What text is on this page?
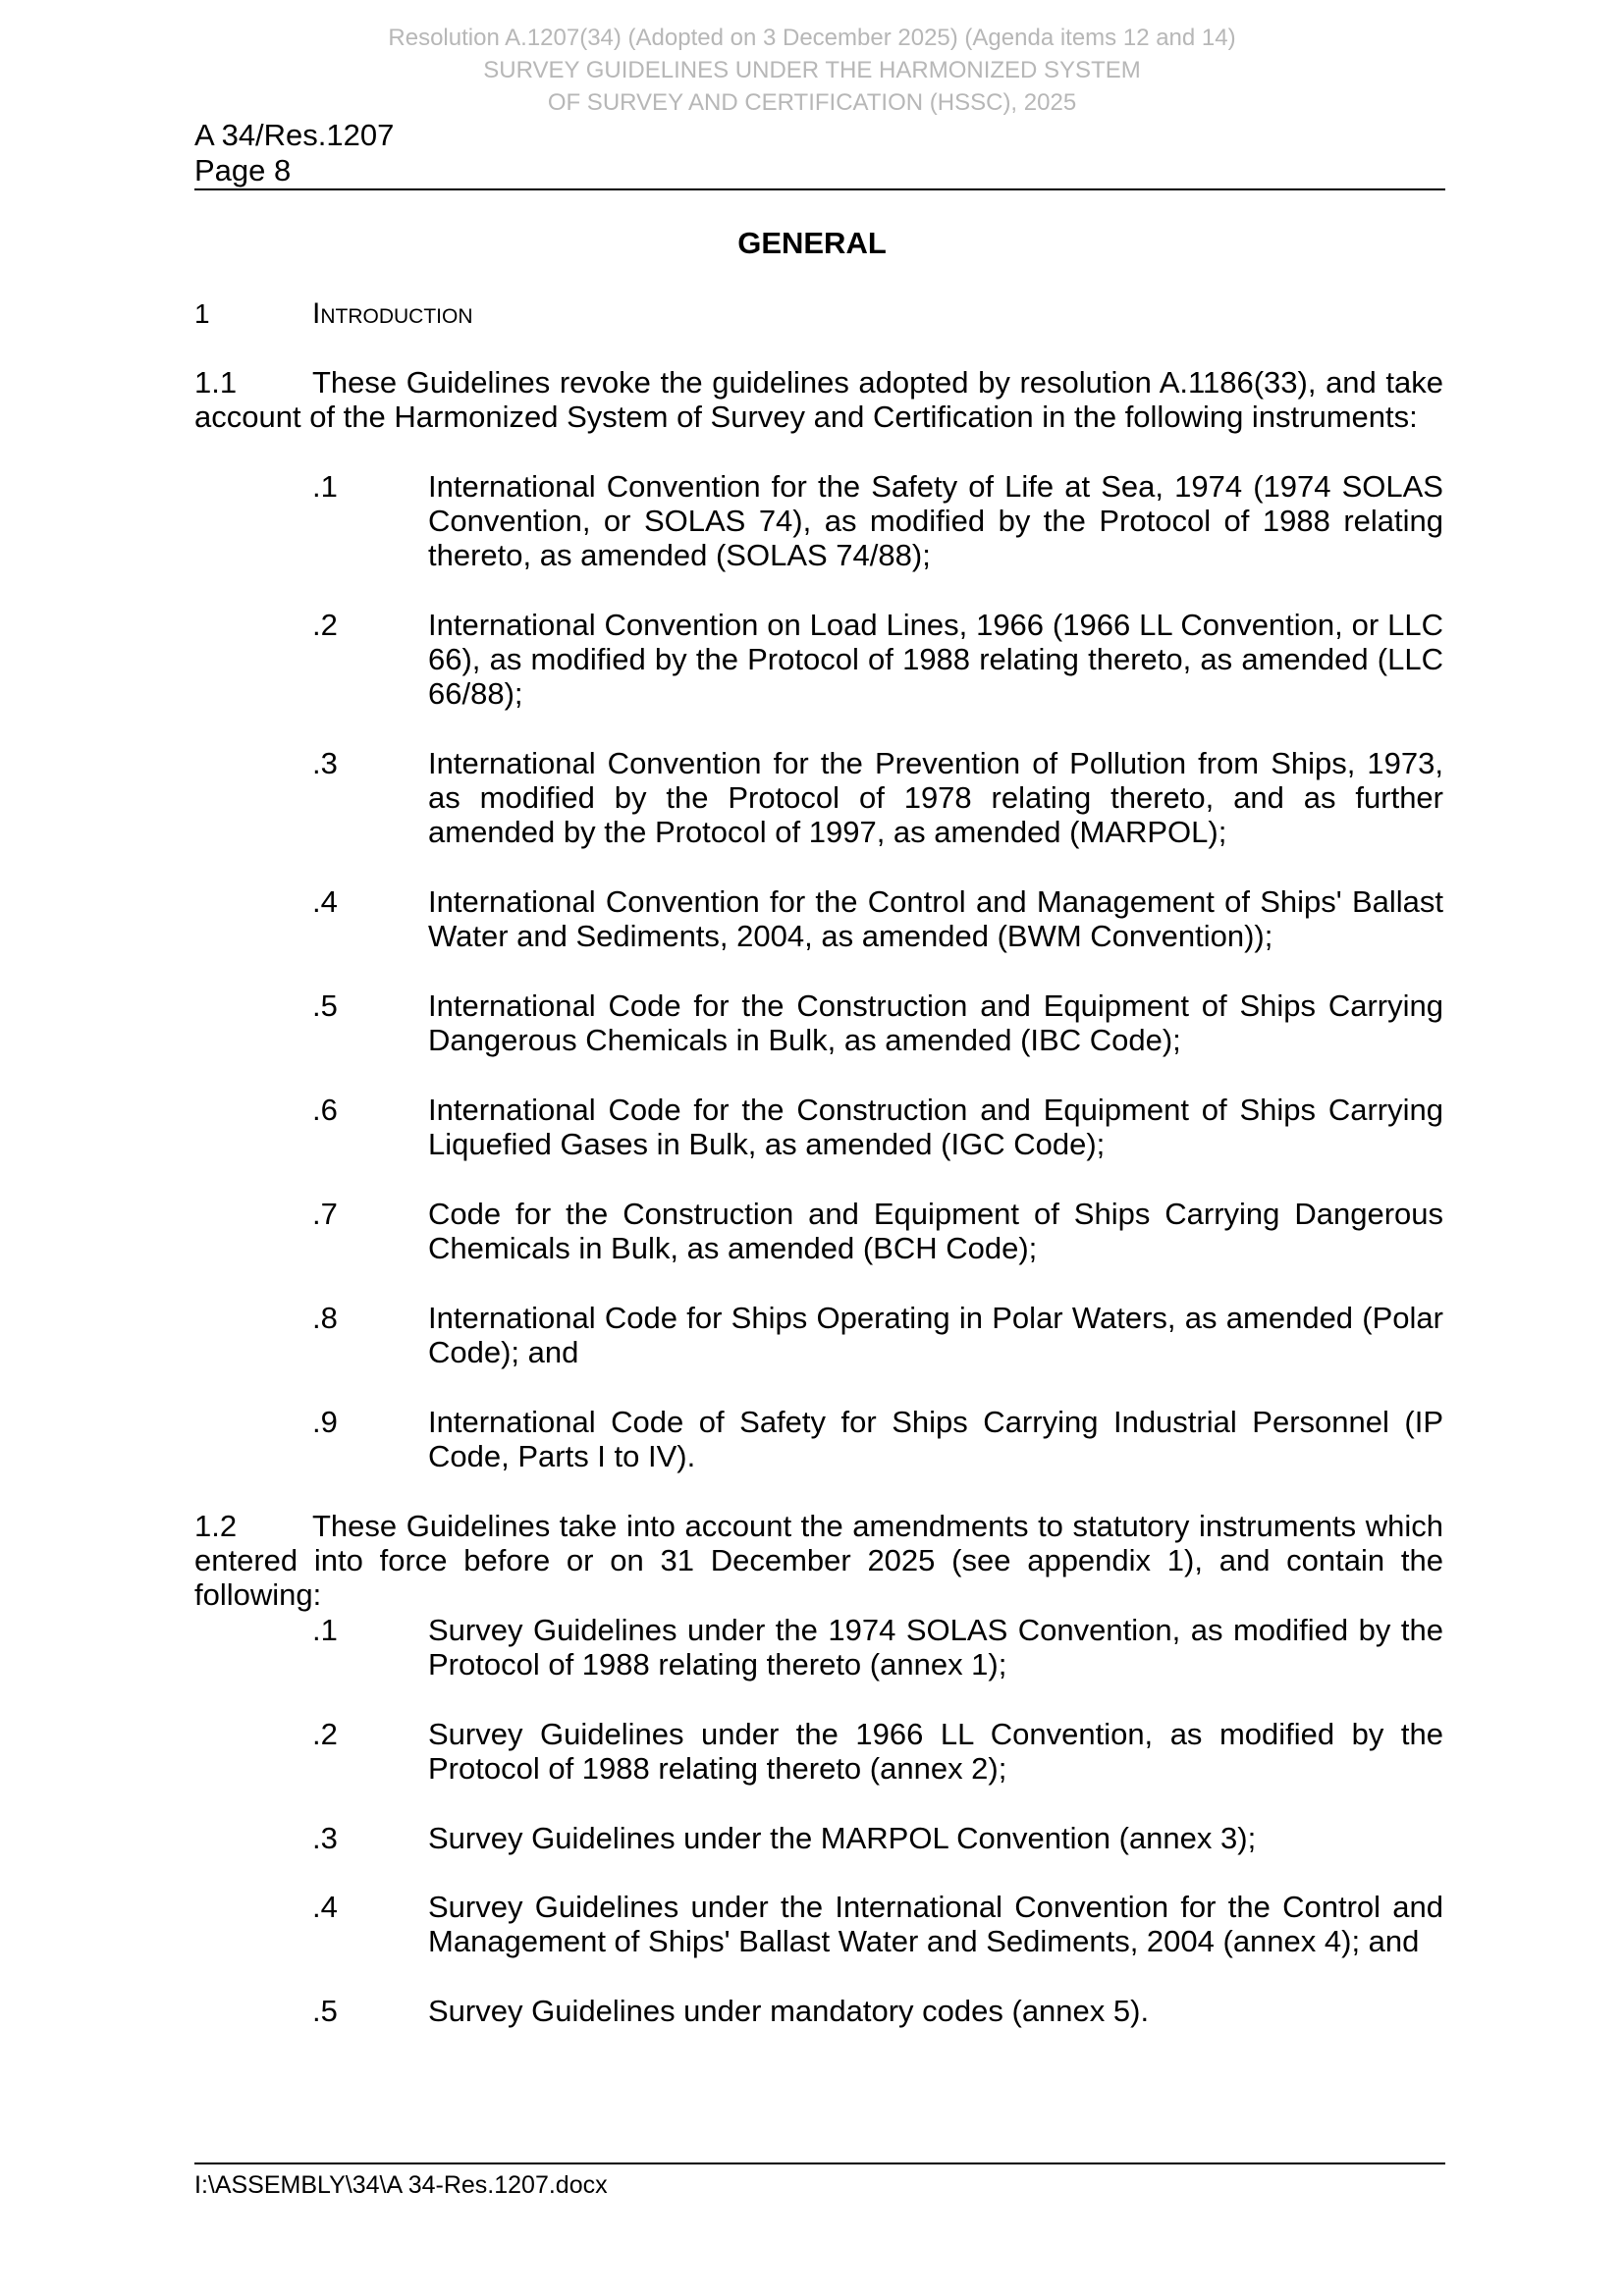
Resolution A.1207(34) (Adopted on 3 December 2025) (Agenda items 12 and 14)
SURVEY GUIDELINES UNDER THE HARMONIZED SYSTEM
OF SURVEY AND CERTIFICATION (HSSC), 2025
A 34/Res.1207
Page 8
GENERAL
1	Introduction
1.1 These Guidelines revoke the guidelines adopted by resolution A.1186(33), and take account of the Harmonized System of Survey and Certification in the following instruments:
.1	International Convention for the Safety of Life at Sea, 1974 (1974 SOLAS Convention, or SOLAS 74), as modified by the Protocol of 1988 relating thereto, as amended (SOLAS 74/88);
.2	International Convention on Load Lines, 1966 (1966 LL Convention, or LLC 66), as modified by the Protocol of 1988 relating thereto, as amended (LLC 66/88);
.3	International Convention for the Prevention of Pollution from Ships, 1973, as modified by the Protocol of 1978 relating thereto, and as further amended by the Protocol of 1997, as amended (MARPOL);
.4	International Convention for the Control and Management of Ships' Ballast Water and Sediments, 2004, as amended (BWM Convention));
.5	International Code for the Construction and Equipment of Ships Carrying Dangerous Chemicals in Bulk, as amended (IBC Code);
.6	International Code for the Construction and Equipment of Ships Carrying Liquefied Gases in Bulk, as amended (IGC Code);
.7	Code for the Construction and Equipment of Ships Carrying Dangerous Chemicals in Bulk, as amended (BCH Code);
.8	International Code for Ships Operating in Polar Waters, as amended (Polar Code); and
.9	International Code of Safety for Ships Carrying Industrial Personnel (IP Code, Parts I to IV).
1.2 These Guidelines take into account the amendments to statutory instruments which entered into force before or on 31 December 2025 (see appendix 1), and contain the following:
.1	Survey Guidelines under the 1974 SOLAS Convention, as modified by the Protocol of 1988 relating thereto (annex 1);
.2	Survey Guidelines under the 1966 LL Convention, as modified by the Protocol of 1988 relating thereto (annex 2);
.3	Survey Guidelines under the MARPOL Convention (annex 3);
.4	Survey Guidelines under the International Convention for the Control and Management of Ships' Ballast Water and Sediments, 2004 (annex 4); and
.5	Survey Guidelines under mandatory codes (annex 5).
I:\ASSEMBLY\34\A 34-Res.1207.docx
